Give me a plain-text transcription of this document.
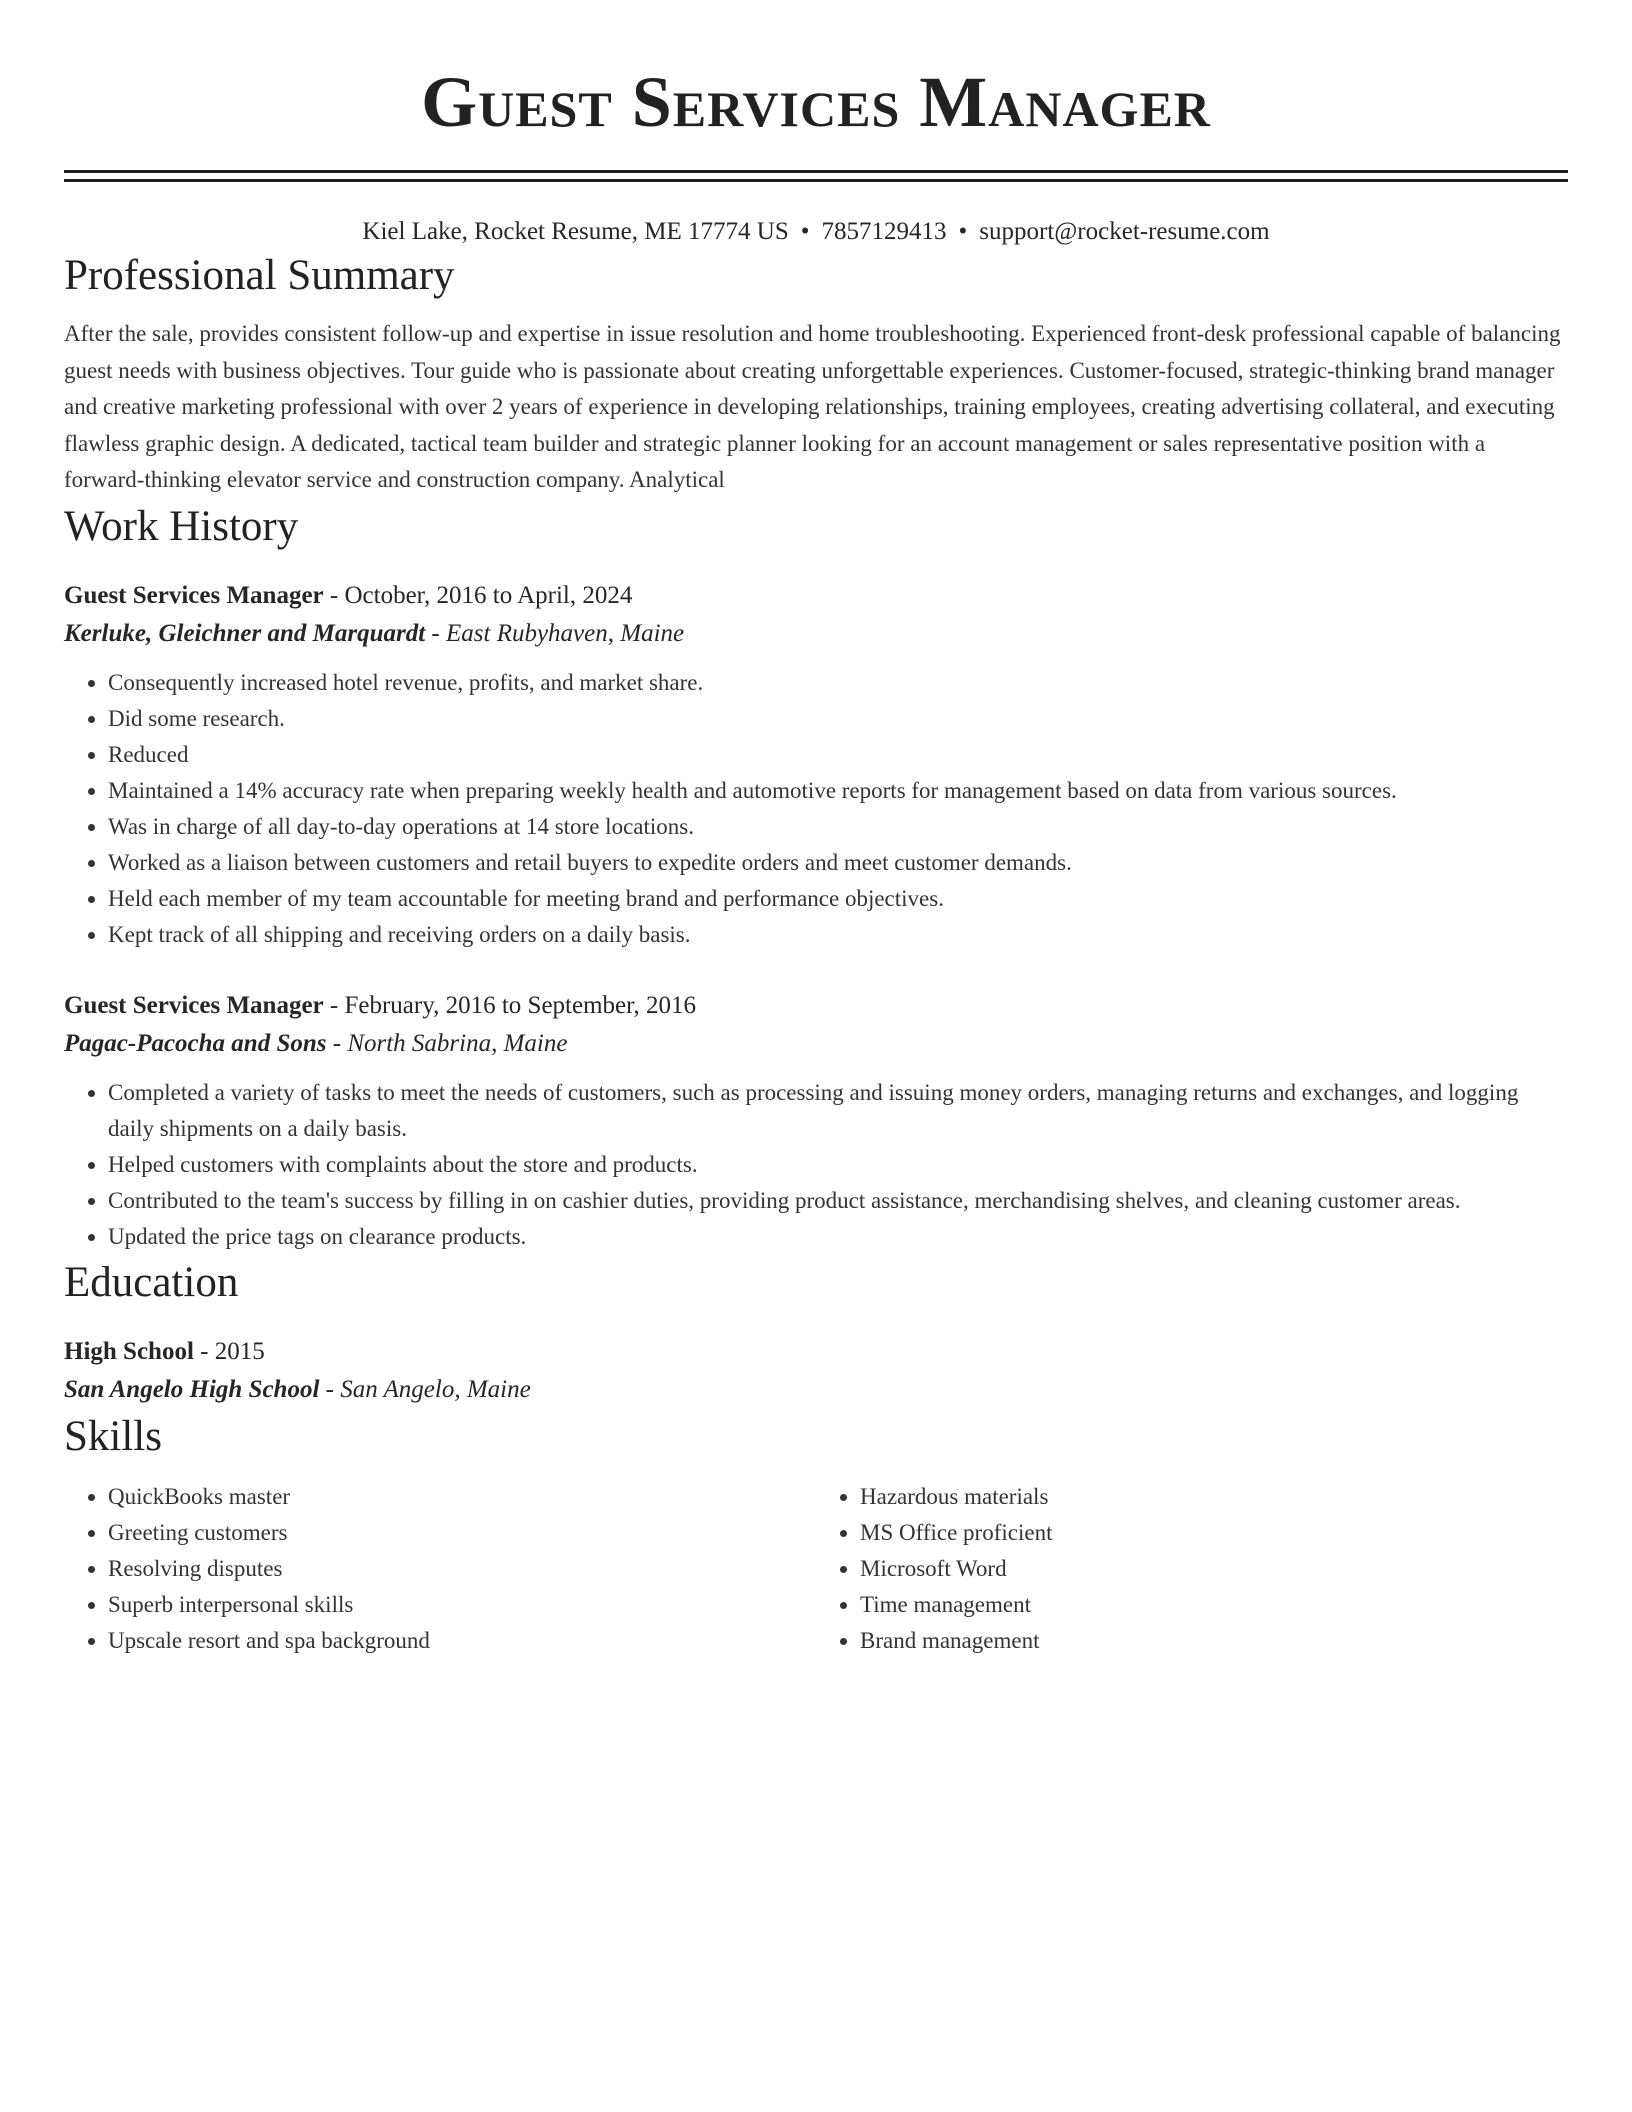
Guest Services Manager
Kiel Lake, Rocket Resume, ME 17774 US • 7857129413 • support@rocket-resume.com
Professional Summary
After the sale, provides consistent follow-up and expertise in issue resolution and home troubleshooting. Experienced front-desk professional capable of balancing guest needs with business objectives. Tour guide who is passionate about creating unforgettable experiences. Customer-focused, strategic-thinking brand manager and creative marketing professional with over 2 years of experience in developing relationships, training employees, creating advertising collateral, and executing flawless graphic design. A dedicated, tactical team builder and strategic planner looking for an account management or sales representative position with a forward-thinking elevator service and construction company. Analytical
Work History
Guest Services Manager - October, 2016 to April, 2024
Kerluke, Gleichner and Marquardt - East Rubyhaven, Maine
• Consequently increased hotel revenue, profits, and market share.
• Did some research.
• Reduced
• Maintained a 14% accuracy rate when preparing weekly health and automotive reports for management based on data from various sources.
• Was in charge of all day-to-day operations at 14 store locations.
• Worked as a liaison between customers and retail buyers to expedite orders and meet customer demands.
• Held each member of my team accountable for meeting brand and performance objectives.
• Kept track of all shipping and receiving orders on a daily basis.
Guest Services Manager - February, 2016 to September, 2016
Pagac-Pacocha and Sons - North Sabrina, Maine
• Completed a variety of tasks to meet the needs of customers, such as processing and issuing money orders, managing returns and exchanges, and logging daily shipments on a daily basis.
• Helped customers with complaints about the store and products.
• Contributed to the team's success by filling in on cashier duties, providing product assistance, merchandising shelves, and cleaning customer areas.
• Updated the price tags on clearance products.
Education
High School - 2015
San Angelo High School - San Angelo, Maine
Skills
• QuickBooks master
• Greeting customers
• Resolving disputes
• Superb interpersonal skills
• Upscale resort and spa background
• Hazardous materials
• MS Office proficient
• Microsoft Word
• Time management
• Brand management
